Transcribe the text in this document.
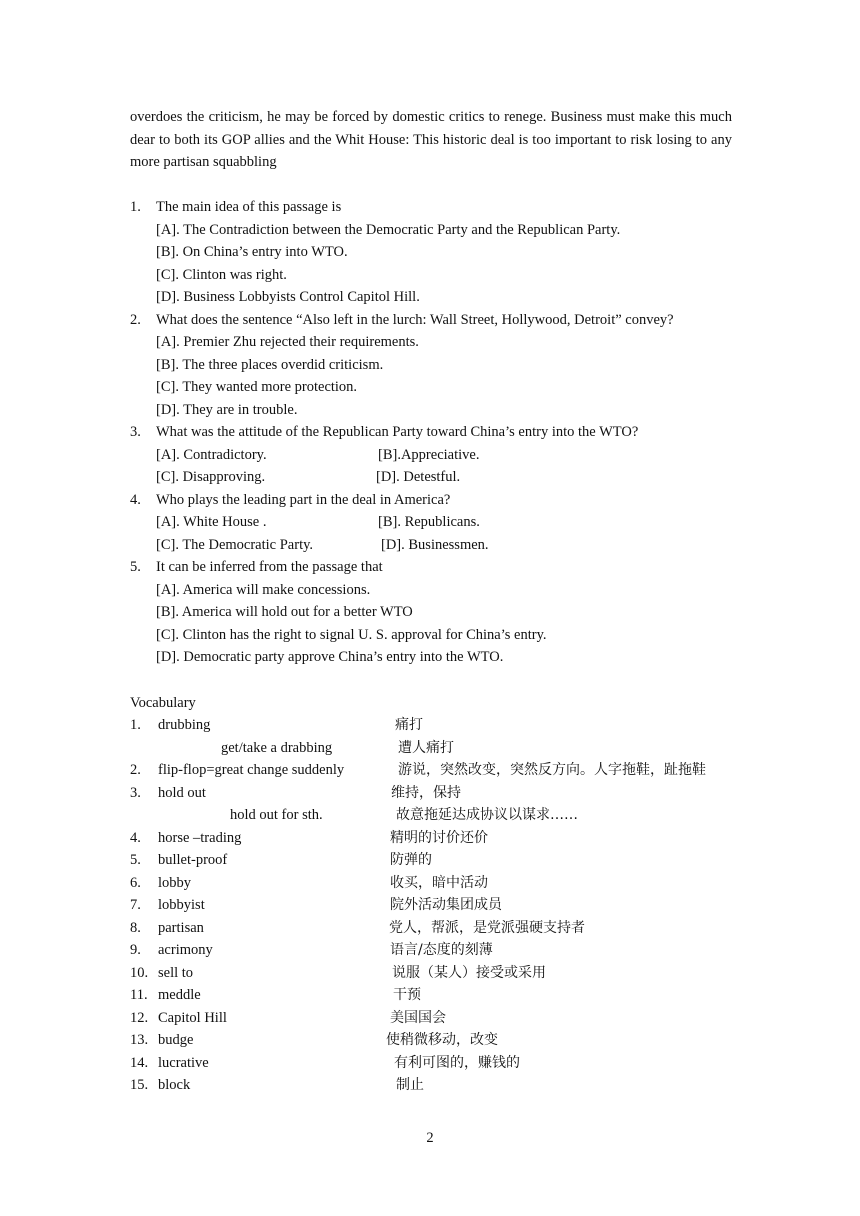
overdoes the criticism, he may be forced by domestic critics to renege. Business must make this much dear to both its GOP allies and the Whit House: This historic deal is too important to risk losing to any more partisan squabbling

1. The main idea of this passage is
[A]. The Contradiction between the Democratic Party and the Republican Party.
[B]. On China’s entry into WTO.
[C]. Clinton was right.
[D]. Business Lobbyists Control Capitol Hill.
2. What does the sentence “Also left in the lurch: Wall Street, Hollywood, Detroit” convey?
[A]. Premier Zhu rejected their requirements.
[B]. The three places overdid criticism.
[C]. They wanted more protection.
[D]. They are in trouble.
3. What was the attitude of the Republican Party toward China’s entry into the WTO?
[A]. Contradictory.	[B].Appreciative.
[C]. Disapproving.	[D]. Detestful.
4. Who plays the leading part in the deal in America?
[A]. White House .	[B]. Republicans.
[C]. The Democratic Party.	[D]. Businessmen.
5. It can be inferred from the passage that
[A]. America will make concessions.
[B]. America will hold out for a better WTO
[C]. Clinton has the right to signal U. S. approval for China’s entry.
[D]. Democratic party approve China’s entry into the WTO.
Vocabulary
1. drubbing	痛打
get/take a drabbing	遭人痛打
2. flip-flop=great change suddenly	游说，突然改变，突然反方向。人字拖鞋，趾拖鞋
3. hold out	维持，保持
hold out for sth.	故意拖延达成协议以谋求……
4. horse –trading	精明的讨价还价
5. bullet-proof	防弹的
6. lobby	收买，暗中活动
7. lobbyist	院外活动集团成员
8. partisan	党人，帮派，是党派强硬支持者
9. acrimony	语言/态度的刻薄
10. sell to	说服（某人）接受或采用
11. meddle	干预
12. Capitol Hill	美国国会
13. budge	使稍微移动，改变
14. lucrative	有利可图的，赚钱的
15. block	制止
2
